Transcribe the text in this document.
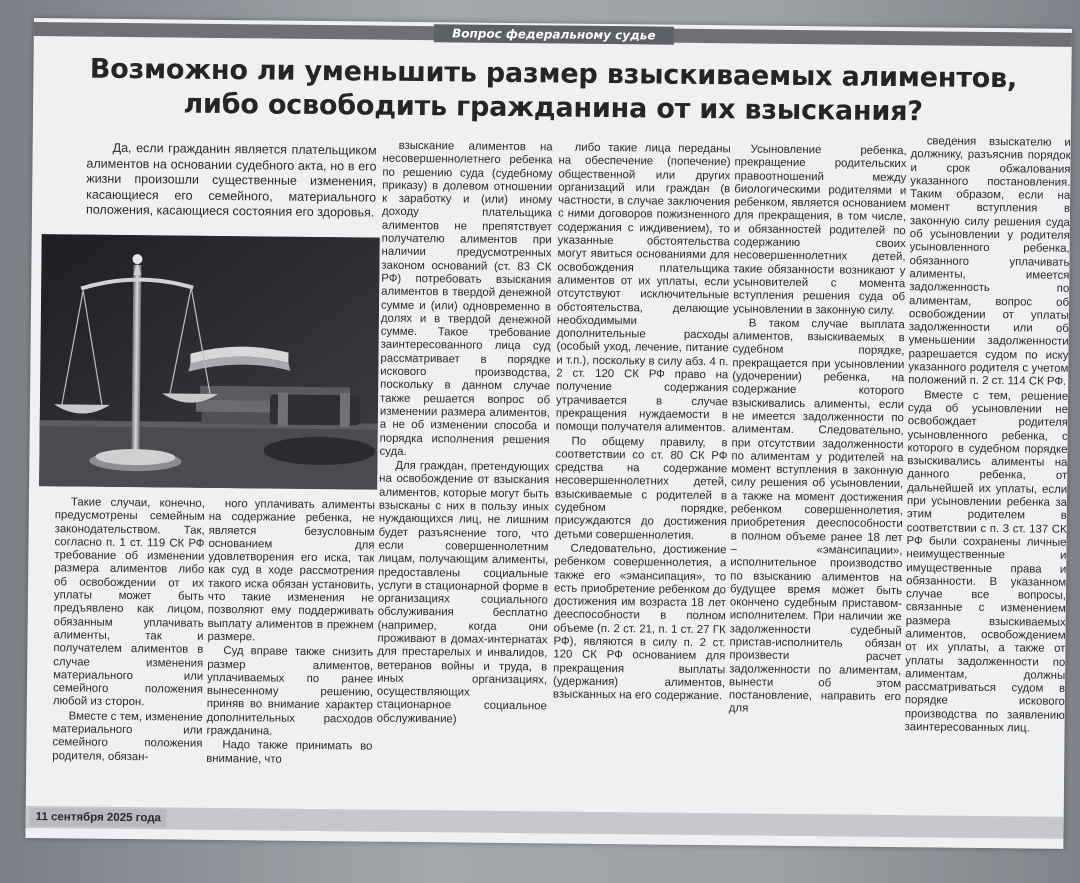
Вопрос федеральному судье
Возможно ли уменьшить размер взыскиваемых алиментов,
либо освободить гражданина от их взыскания?

Да, если гражданин является плательщиком алиментов на основании судебного акта, но в его жизни произошли существенные изменения, касающиеся его семейного, материального положения, касающиеся состояния его здоровья.

Такие случаи, конечно, предусмотрены семейным законодательством. Так, согласно п. 1 ст. 119 СК РФ требование об изменении размера алиментов либо об освобождении от их уплаты может быть предъявлено как лицом, обязанным уплачивать алименты, так и получателем алиментов в случае изменения материального или семейного положения любой из сторон.

Вместе с тем, изменение материального или семейного положения родителя, обязан-

ного уплачивать алименты на содержание ребенка, не является безусловным основанием для удовлетворения его иска, так как суд в ходе рассмотрения такого иска обязан установить, что такие изменения не позволяют ему поддерживать выплату алиментов в прежнем размере.

Суд вправе также снизить размер алиментов, уплачиваемых по ранее вынесенному решению, приняв во внимание характер дополнительных расходов гражданина.

Надо также принимать во внимание, что

взыскание алиментов на несовершеннолетнего ребенка по решению суда (судебному приказу) в долевом отношении к заработку и (или) иному доходу плательщика алиментов не препятствует получателю алиментов при наличии предусмотренных законом оснований (ст. 83 СК РФ) потребовать взыскания алиментов в твердой денежной сумме и (или) одновременно в долях и в твердой денежной сумме. Такое требование заинтересованного лица суд рассматривает в порядке искового производства, поскольку в данном случае также решается вопрос об изменении размера алиментов, а не об изменении способа и порядка исполнения решения суда.

Для граждан, претендующих на освобождение от взыскания алиментов, которые могут быть взысканы с них в пользу иных нуждающихся лиц, не лишним будет разъяснение того, что если совершеннолетним лицам, получающим алименты, предоставлены социальные услуги в стационарной форме в организациях социального обслуживания бесплатно (например, когда они проживают в домах-интернатах для престарелых и инвалидов, ветеранов войны и труда, в иных организациях, осуществляющих стационарное социальное обслуживание)

либо такие лица переданы на обеспечение (попечение) общественной или других организаций или граждан (в частности, в случае заключения с ними договоров пожизненного содержания с иждивением), то указанные обстоятельства могут явиться основаниями для освобождения плательщика алиментов от их уплаты, если отсутствуют исключительные обстоятельства, делающие необходимыми дополнительные расходы (особый уход, лечение, питание и т.п.), поскольку в силу абз. 4 п. 2 ст. 120 СК РФ право на получение содержания утрачивается в случае прекращения нуждаемости в помощи получателя алиментов.

По общему правилу, в соответствии со ст. 80 СК РФ средства на содержание несовершеннолетних детей, взыскиваемые с родителей в судебном порядке, присуждаются до достижения детьми совершеннолетия.

Следовательно, достижение ребенком совершеннолетия, а также его «эмансипация», то есть приобретение ребенком до достижения им возраста 18 лет дееспособности в полном объеме (п. 2 ст. 21, п. 1 ст. 27 ГК РФ), являются в силу п. 2 ст. 120 СК РФ основанием для прекращения выплаты (удержания) алиментов, взысканных на его содержание.

Усыновление ребенка, прекращение родительских правоотношений между биологическими родителями и ребенком, является основанием для прекращения, в том числе, и обязанностей родителей по содержанию своих несовершеннолетних детей, такие обязанности возникают у усыновителей с момента вступления решения суда об усыновлении в законную силу.

В таком случае выплата алиментов, взыскиваемых в судебном порядке, прекращается при усыновлении (удочерении) ребенка, на содержание которого взыскивались алименты, если не имеется задолженности по алиментам. Следовательно, при отсутствии задолженности по алиментам у родителей на момент вступления в законную силу решения об усыновлении, а также на момент достижения ребенком совершеннолетия, приобретения дееспособности в полном объеме ранее 18 лет – «эмансипации», исполнительное производство по взысканию алиментов на будущее время может быть окончено судебным приставом-исполнителем. При наличии же задолженности судебный пристав-исполнитель обязан произвести расчет задолженности по алиментам, вынести об этом постановление, направить его для

сведения взыскателю и должнику, разъяснив порядок и срок обжалования указанного постановления. Таким образом, если на момент вступления в законную силу решения суда об усыновлении у родителя усыновленного ребенка, обязанного уплачивать алименты, имеется задолженность по алиментам, вопрос об освобождении от уплаты задолженности или об уменьшении задолженности разрешается судом по иску указанного родителя с учетом положений п. 2 ст. 114 СК РФ.

Вместе с тем, решение суда об усыновлении не освобождает родителя усыновленного ребенка, с которого в судебном порядке взыскивались алименты на данного ребенка, от дальнейшей их уплаты, если при усыновлении ребенка за этим родителем в соответствии с п. 3 ст. 137 СК РФ были сохранены личные неимущественные и имущественные права и обязанности. В указанном случае все вопросы, связанные с изменением размера взыскиваемых алиментов, освобождением от их уплаты, а также от уплаты задолженности по алиментам, должны рассматриваться судом в порядке искового производства по заявлению заинтересованных лиц.

11 сентября 2025 года
